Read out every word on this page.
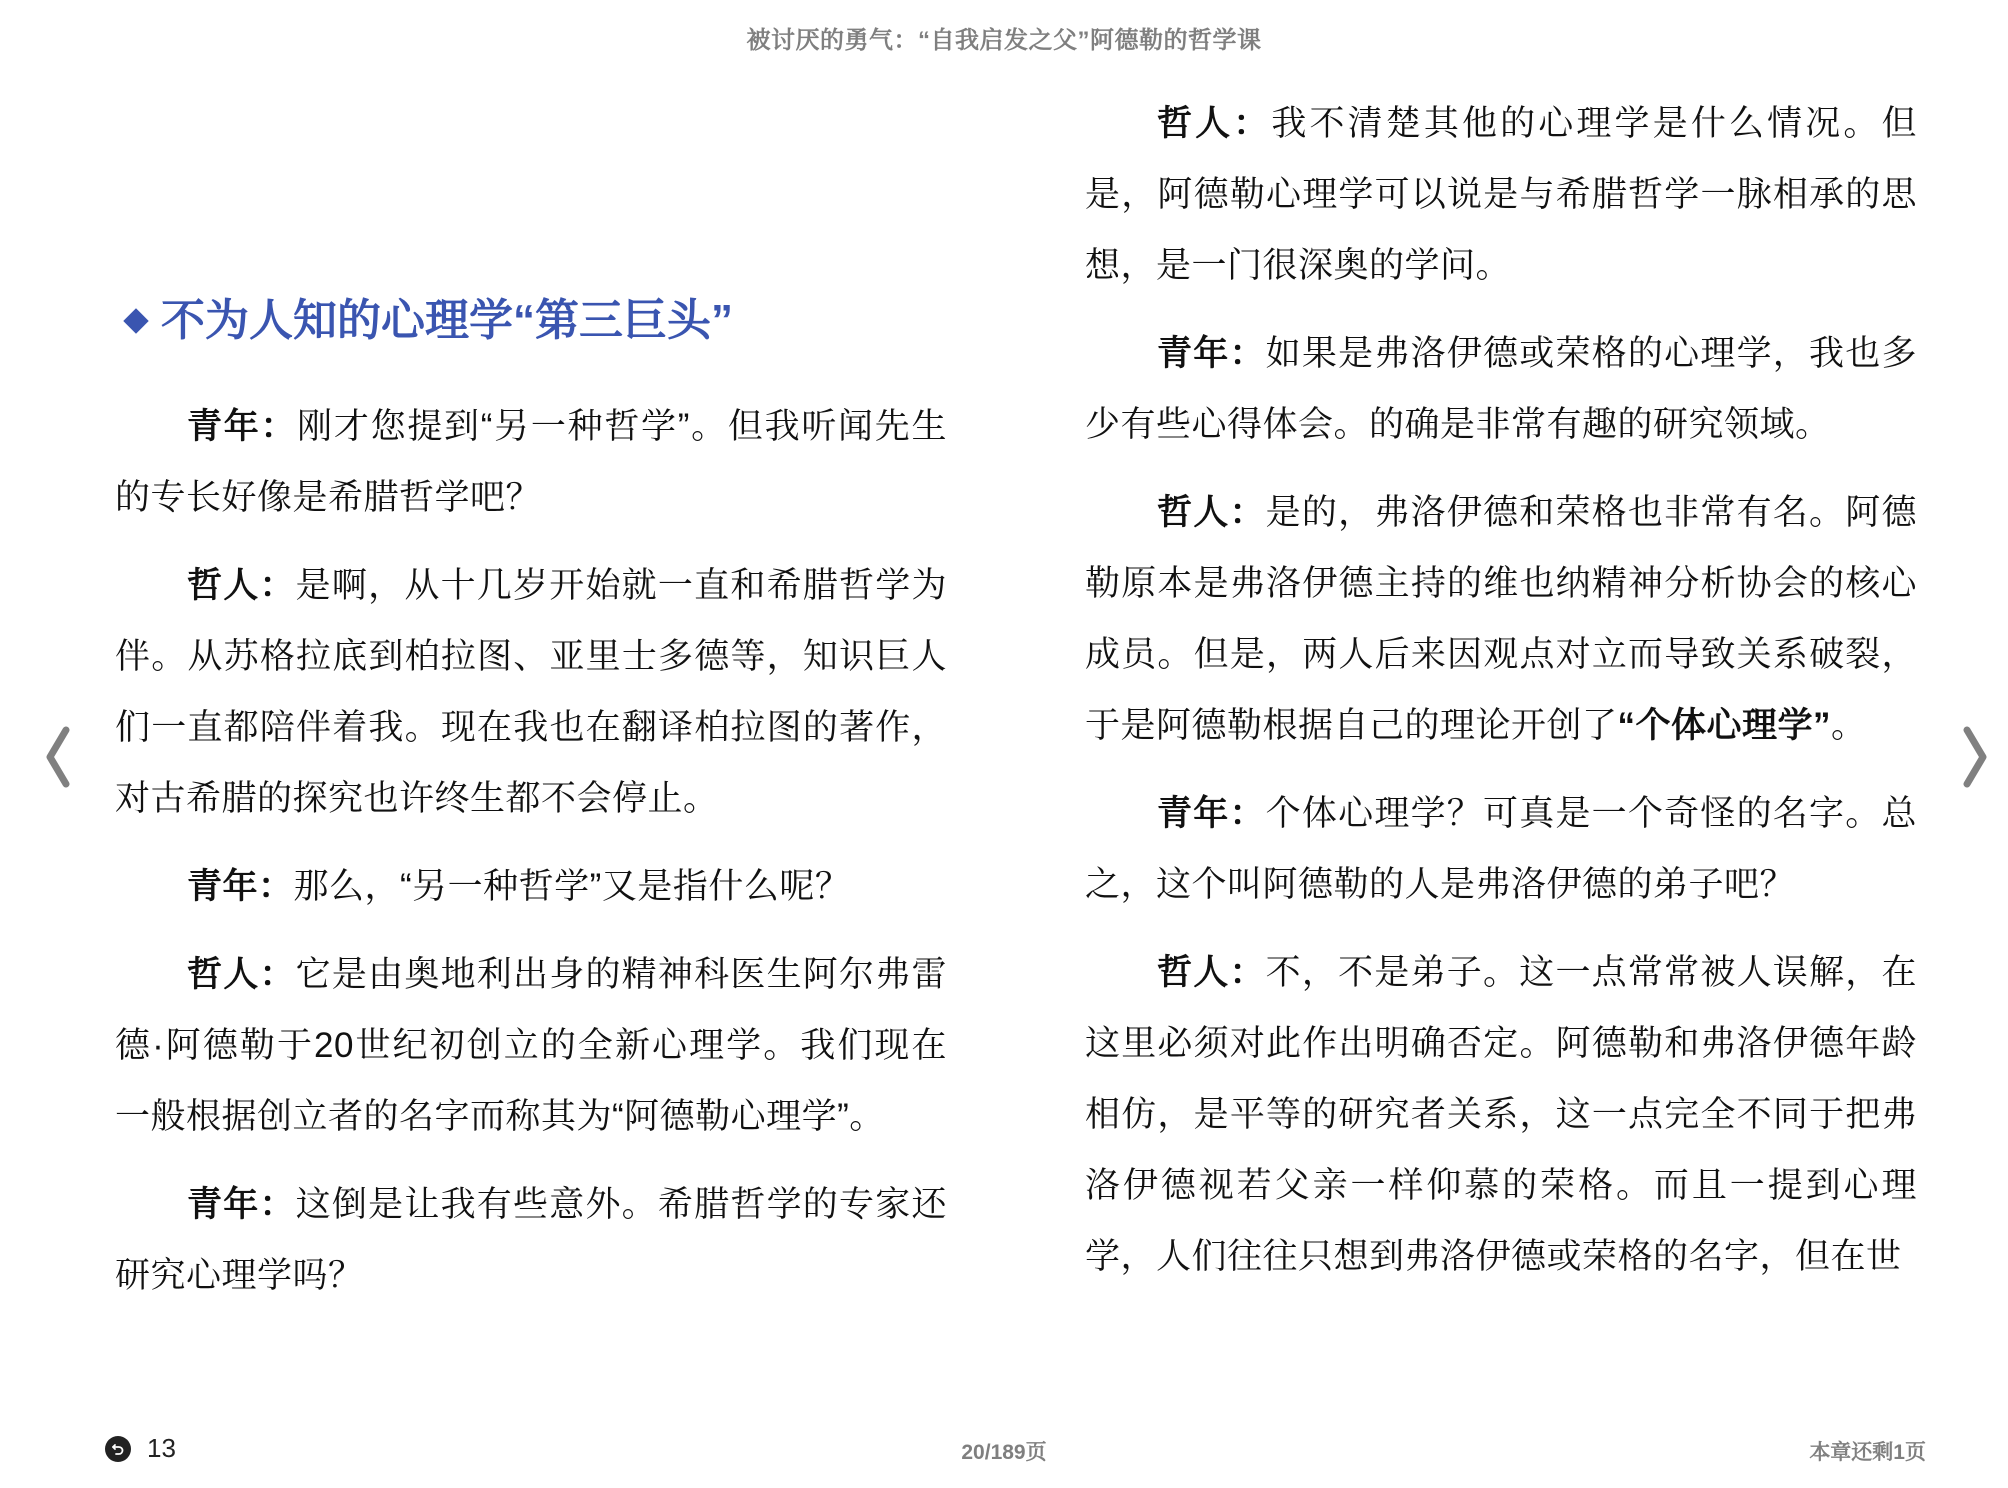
被讨厌的勇气：“自我启发之父”阿德勒的哲学课
不为人知的心理学“第三巨头”

青年：刚才您提到“另一种哲学”。但我听闻先生的专长好像是希腊哲学吧？

哲人：是啊，从十几岁开始就一直和希腊哲学为伴。从苏格拉底到柏拉图、亚里士多德等，知识巨人们一直都陪伴着我。现在我也在翻译柏拉图的著作，对古希腊的探究也许终生都不会停止。

青年：那么，“另一种哲学”又是指什么呢？

哲人：它是由奥地利出身的精神科医生阿尔弗雷德·阿德勒于20世纪初创立的全新心理学。我们现在一般根据创立者的名字而称其为“阿德勒心理学”。

青年：这倒是让我有些意外。希腊哲学的专家还研究心理学吗？

哲人：我不清楚其他的心理学是什么情况。但是，阿德勒心理学可以说是与希腊哲学一脉相承的思想，是一门很深奥的学问。

青年：如果是弗洛伊德或荣格的心理学，我也多少有些心得体会。的确是非常有趣的研究领域。

哲人：是的，弗洛伊德和荣格也非常有名。阿德勒原本是弗洛伊德主持的维也纳精神分析协会的核心成员。但是，两人后来因观点对立而导致关系破裂，于是阿德勒根据自己的理论开创了“个体心理学”。

青年：个体心理学？可真是一个奇怪的名字。总之，这个叫阿德勒的人是弗洛伊德的弟子吧？

哲人：不，不是弟子。这一点常常被人误解，在这里必须对此作出明确否定。阿德勒和弗洛伊德年龄相仿，是平等的研究者关系，这一点完全不同于把弗洛伊德视若父亲一样仰慕的荣格。而且一提到心理学，人们往往只想到弗洛伊德或荣格的名字，但在世

13	20/189页	本章还剩1页
